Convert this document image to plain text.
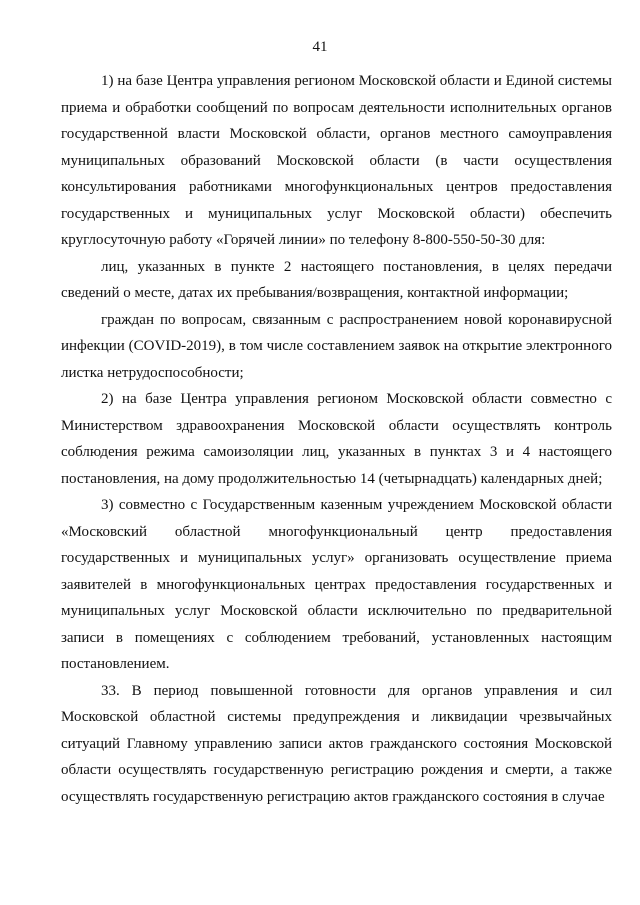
41

1) на базе Центра управления регионом Московской области и Единой системы приема и обработки сообщений по вопросам деятельности исполнительных органов государственной власти Московской области, органов местного самоуправления муниципальных образований Московской области (в части осуществления консультирования работниками многофункциональных центров предоставления государственных и муниципальных услуг Московской области) обеспечить круглосуточную работу «Горячей линии» по телефону 8-800-550-50-30 для:

лиц, указанных в пункте 2 настоящего постановления, в целях передачи сведений о месте, датах их пребывания/возвращения, контактной информации;

граждан по вопросам, связанным с распространением новой коронавирусной инфекции (COVID-2019), в том числе составлением заявок на открытие электронного листка нетрудоспособности;

2) на базе Центра управления регионом Московской области совместно с Министерством здравоохранения Московской области осуществлять контроль соблюдения режима самоизоляции лиц, указанных в пунктах 3 и 4 настоящего постановления, на дому продолжительностью 14 (четырнадцать) календарных дней;

3) совместно с Государственным казенным учреждением Московской области «Московский областной многофункциональный центр предоставления государственных и муниципальных услуг» организовать осуществление приема заявителей в многофункциональных центрах предоставления государственных и муниципальных услуг Московской области исключительно по предварительной записи в помещениях с соблюдением требований, установленных настоящим постановлением.

33. В период повышенной готовности для органов управления и сил Московской областной системы предупреждения и ликвидации чрезвычайных ситуаций Главному управлению записи актов гражданского состояния Московской области осуществлять государственную регистрацию рождения и смерти, а также осуществлять государственную регистрацию актов гражданского состояния в случае
